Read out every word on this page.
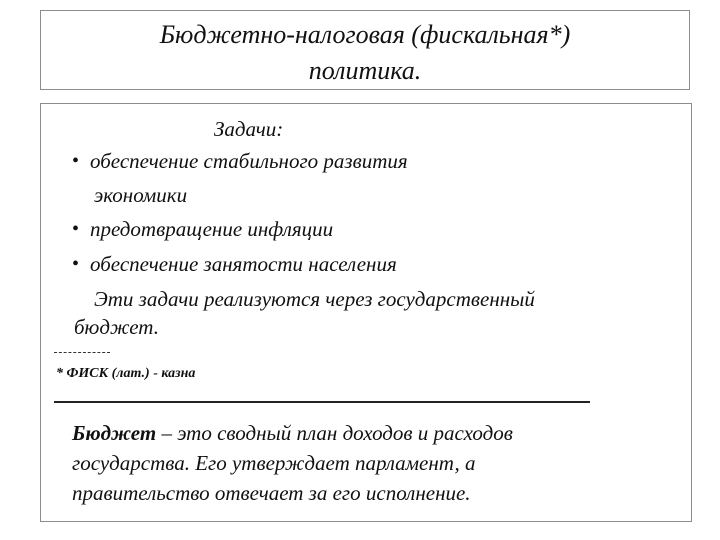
Бюджетно-налоговая (фискальная*)
политика.
Задачи:
• обеспечение стабильного развития
экономики
• предотвращение инфляции
• обеспечение занятости населения
Эти задачи реализуются через государственный
бюджет.
* ФИСК (лат.) - казна
Бюджет – это сводный план доходов и расходов
государства. Его утверждает парламент, а
правительство отвечает за его исполнение.
